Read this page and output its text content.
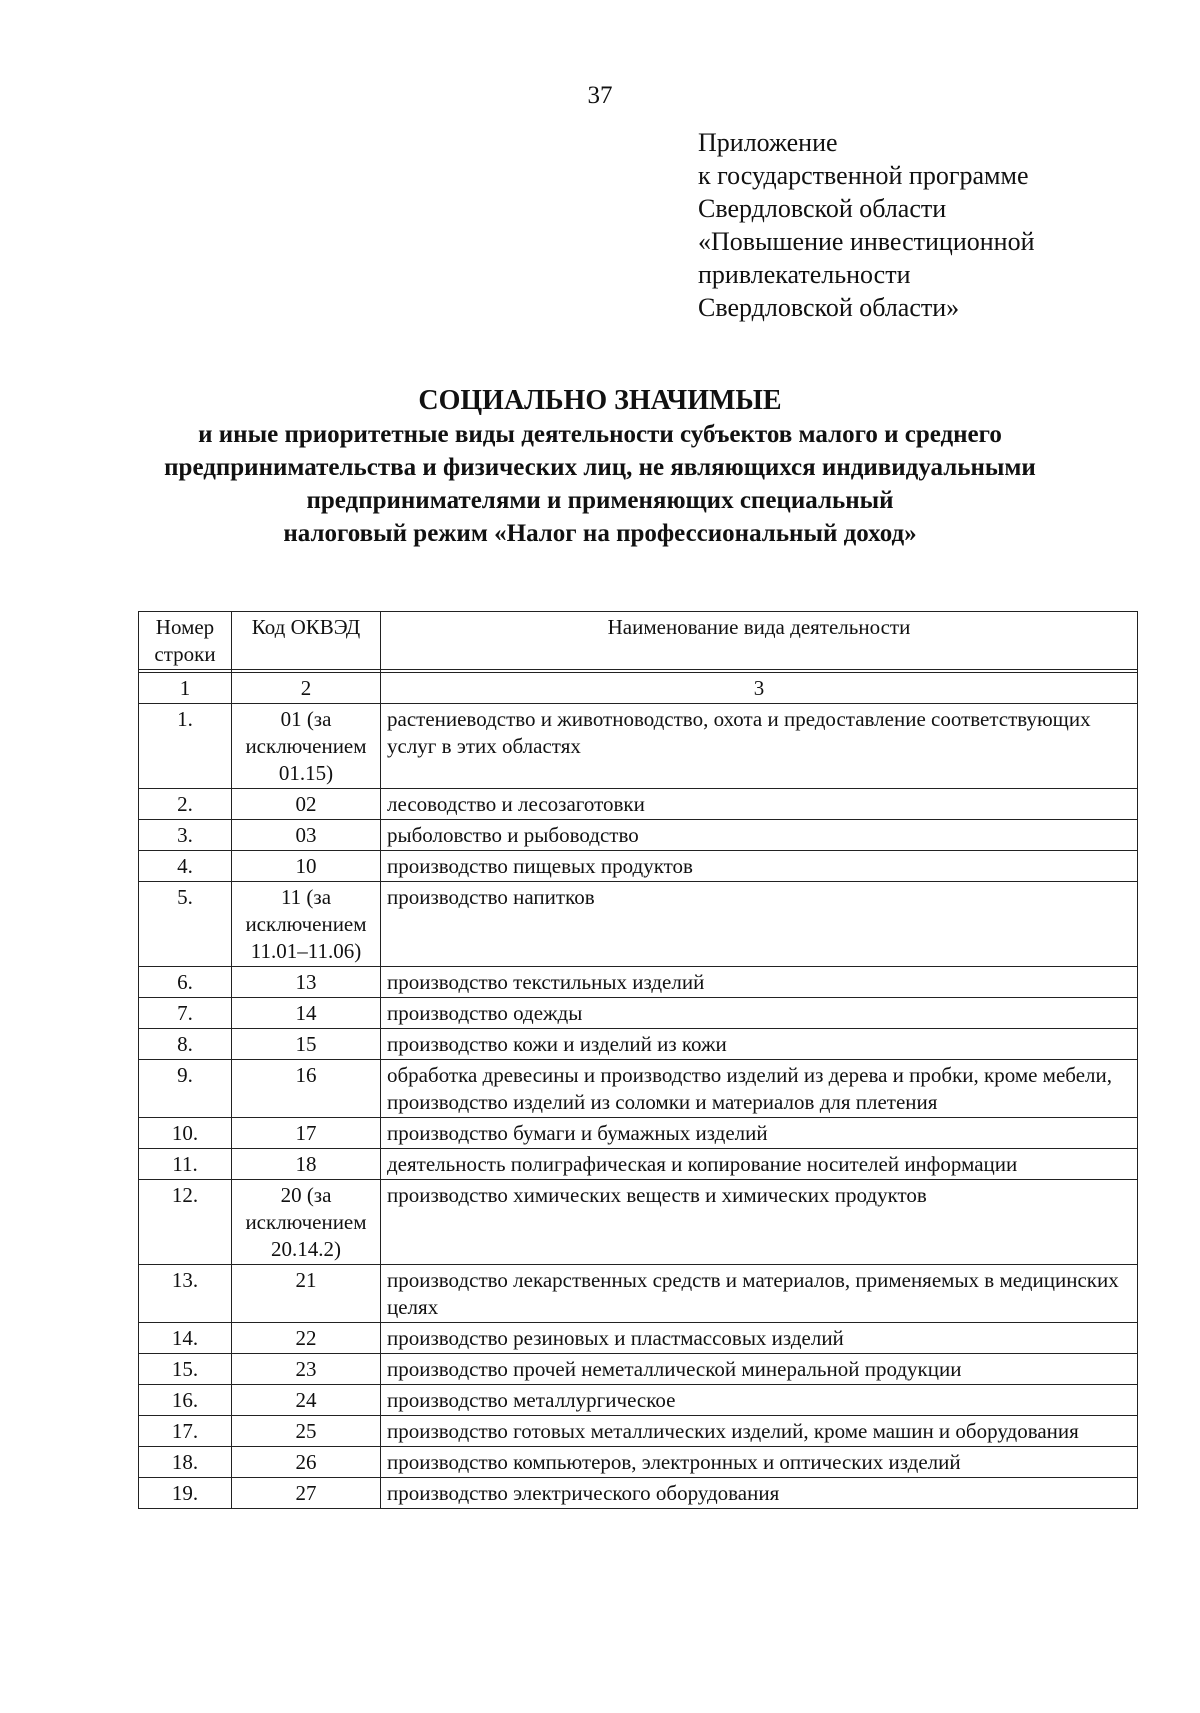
37
Приложение
к государственной программе
Свердловской области
«Повышение инвестиционной
привлекательности
Свердловской области»
СОЦИАЛЬНО ЗНАЧИМЫЕ
и иные приоритетные виды деятельности субъектов малого и среднего
предпринимательства и физических лиц, не являющихся индивидуальными
предпринимателями и применяющих специальный
налоговый режим «Налог на профессиональный доход»
Номер строки	Код ОКВЭД	Наименование вида деятельности

1	2	3
1.	01 (за исключением 01.15)	растениеводство и животноводство, охота и предоставление соответствующих услуг в этих областях
2.	02	лесоводство и лесозаготовки
3.	03	рыболовство и рыбоводство
4.	10	производство пищевых продуктов
5.	11 (за исключением 11.01–11.06)	производство напитков
6.	13	производство текстильных изделий
7.	14	производство одежды
8.	15	производство кожи и изделий из кожи
9.	16	обработка древесины и производство изделий из дерева и пробки, кроме мебели, производство изделий из соломки и материалов для плетения
10.	17	производство бумаги и бумажных изделий
11.	18	деятельность полиграфическая и копирование носителей информации
12.	20 (за исключением 20.14.2)	производство химических веществ и химических продуктов
13.	21	производство лекарственных средств и материалов, применяемых в медицинских целях
14.	22	производство резиновых и пластмассовых изделий
15.	23	производство прочей неметаллической минеральной продукции
16.	24	производство металлургическое
17.	25	производство готовых металлических изделий, кроме машин и оборудования
18.	26	производство компьютеров, электронных и оптических изделий
19.	27	производство электрического оборудования
